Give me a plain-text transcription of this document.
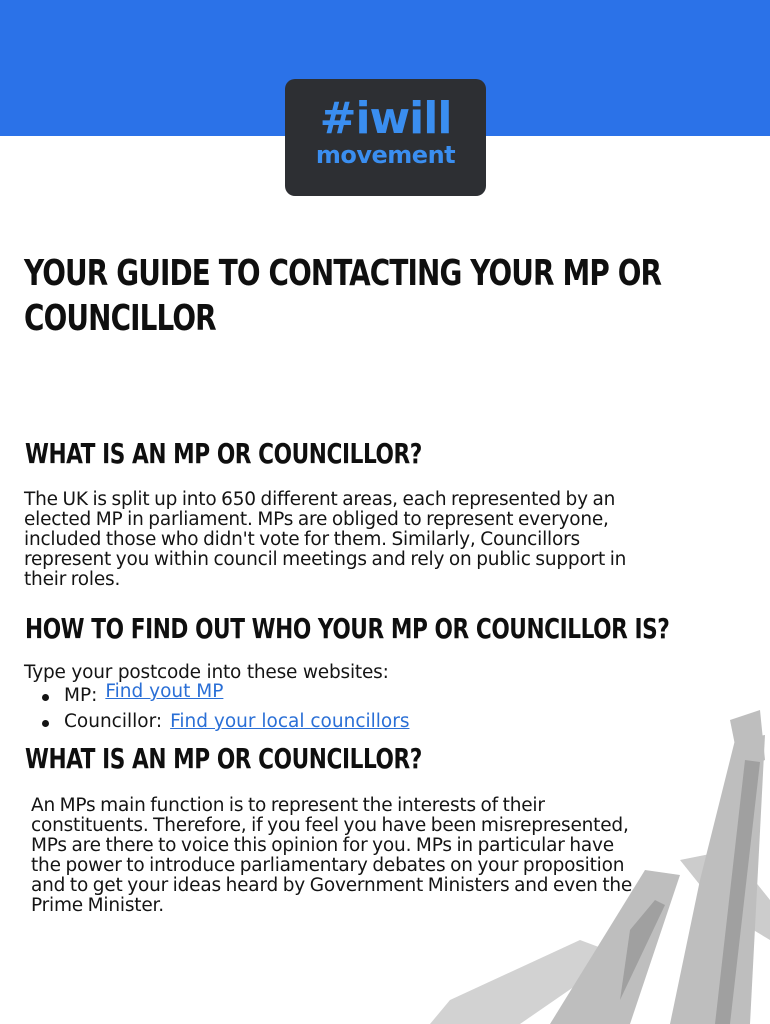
#iwill
movement
YOUR GUIDE TO CONTACTING YOUR MP OR COUNCILLOR
WHAT IS AN MP OR COUNCILLOR?

The UK is split up into 650 different areas, each represented by an
elected MP in parliament. MPs are obliged to represent everyone,
included those who didn't vote for them. Similarly, Councillors
represent you within council meetings and rely on public support in
their roles.

HOW TO FIND OUT WHO YOUR MP OR COUNCILLOR IS?

Type your postcode into these websites:

MP: Find yout MP
Councillor: Find your local councillors
WHAT IS AN MP OR COUNCILLOR?

An MPs main function is to represent the interests of their
constituents. Therefore, if you feel you have been misrepresented,
MPs are there to voice this opinion for you. MPs in particular have
the power to introduce parliamentary debates on your proposition
and to get your ideas heard by Government Ministers and even the
Prime Minister.
